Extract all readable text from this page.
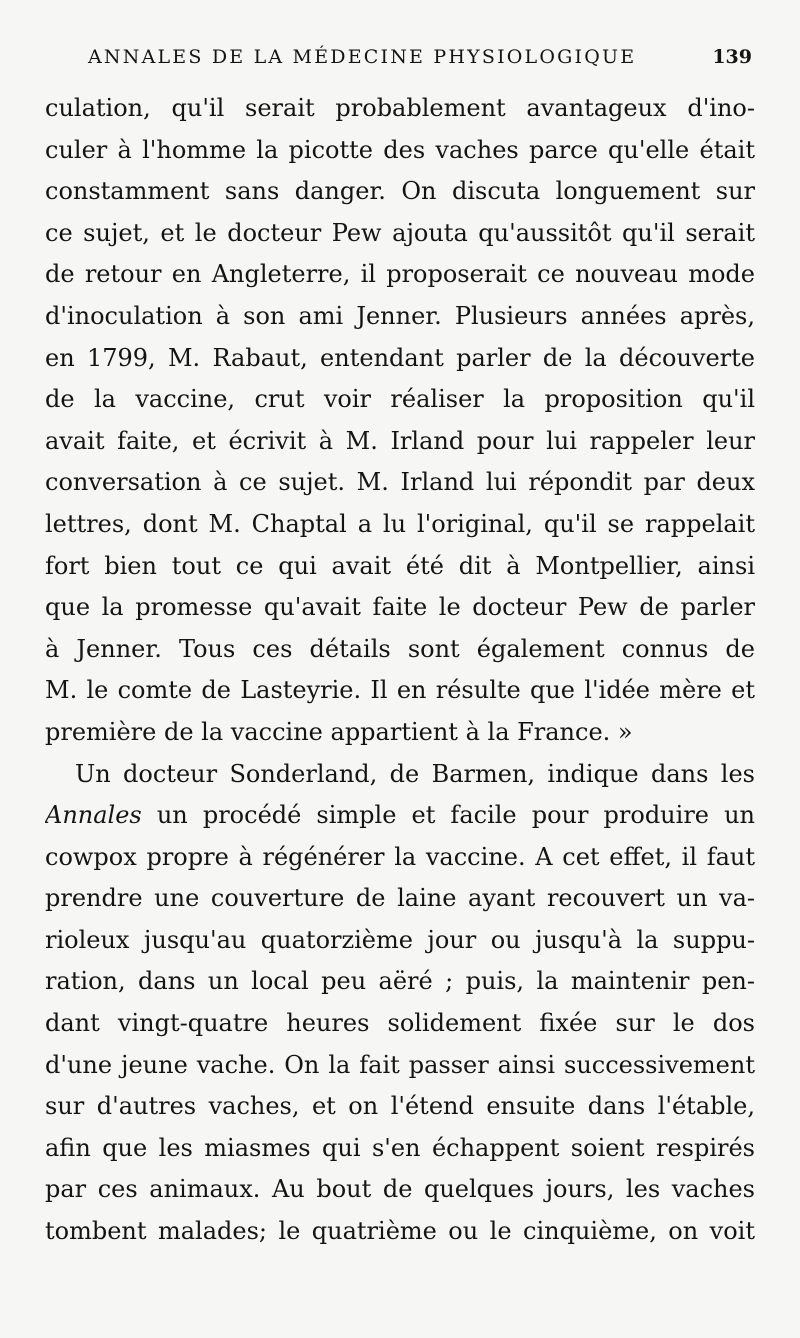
ANNALES DE LA MÉDECINE PHYSIOLOGIQUE	139
culation, qu'il serait probablement avantageux d'ino-
culer à l'homme la picotte des vaches parce qu'elle était
constamment sans danger. On discuta longuement sur
ce sujet, et le docteur Pew ajouta qu'aussitôt qu'il serait
de retour en Angleterre, il proposerait ce nouveau mode
d'inoculation à son ami Jenner. Plusieurs années après,
en 1799, M. Rabaut, entendant parler de la découverte
de la vaccine, crut voir réaliser la proposition qu'il
avait faite, et écrivit à M. Irland pour lui rappeler leur
conversation à ce sujet. M. Irland lui répondit par deux
lettres, dont M. Chaptal a lu l'original, qu'il se rappelait
fort bien tout ce qui avait été dit à Montpellier, ainsi
que la promesse qu'avait faite le docteur Pew de parler
à Jenner. Tous ces détails sont également connus de
M. le comte de Lasteyrie. Il en résulte que l'idée mère et
première de la vaccine appartient à la France. »
Un docteur Sonderland, de Barmen, indique dans les
Annales un procédé simple et facile pour produire un
cowpox propre à régénérer la vaccine. A cet effet, il faut
prendre une couverture de laine ayant recouvert un va-
rioleux jusqu'au quatorzième jour ou jusqu'à la suppu-
ration, dans un local peu aëré ; puis, la maintenir pen-
dant vingt-quatre heures solidement fixée sur le dos
d'une jeune vache. On la fait passer ainsi successivement
sur d'autres vaches, et on l'étend ensuite dans l'étable,
afin que les miasmes qui s'en échappent soient respirés
par ces animaux. Au bout de quelques jours, les vaches
tombent malades; le quatrième ou le cinquième, on voit
